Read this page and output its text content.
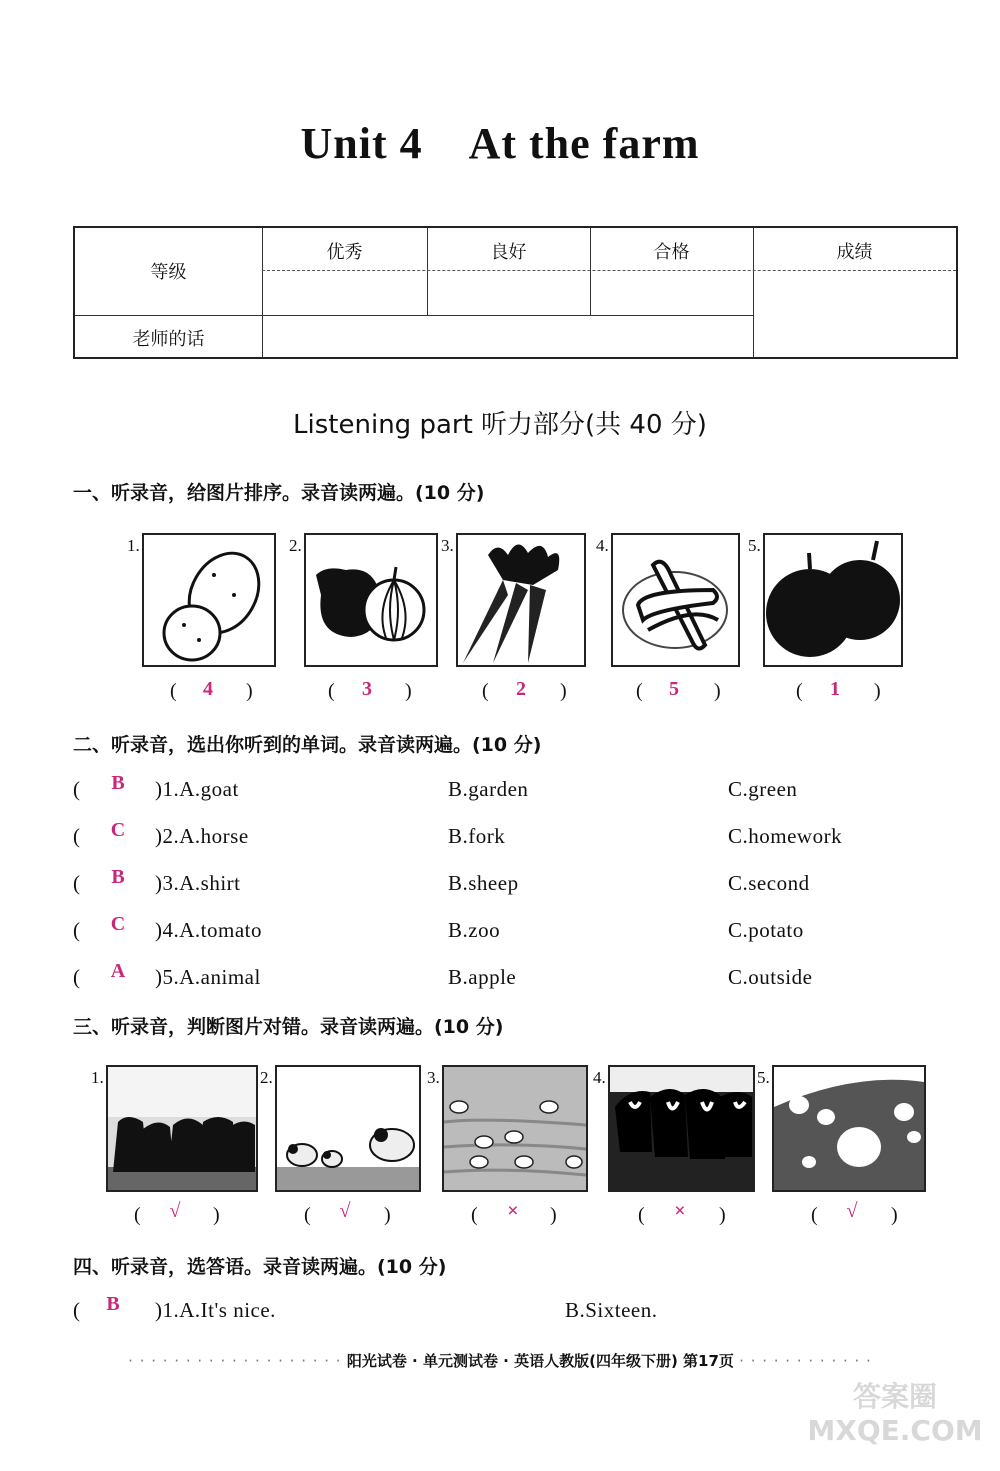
Unit 4 At the farm
等级
优秀	良好	合格	成绩
老师的话
Listening part 听力部分(共 40 分)
一、听录音，给图片排序。录音读两遍。(10 分)
1.
(	4	)
2.
(	3	)
3.
(	2	)
4.
(	5	)
5.
(	1	)
二、听录音，选出你听到的单词。录音读两遍。(10 分)
(	B	)1.A.goat	B.garden	C.green
(	C	)2.A.horse	B.fork	C.homework
(	B	)3.A.shirt	B.sheep	C.second
(	C	)4.A.tomato	B.zoo	C.potato
(	A	)5.A.animal	B.apple	C.outside
三、听录音，判断图片对错。录音读两遍。(10 分)
1.
(	√	)
2.
(	√	)
3.
(	×	)
4.
(	×	)
5.
(	√	)
四、听录音，选答语。录音读两遍。(10 分)
(	B	)1.A.It's nice.	B.Sixteen.
· · · · · · · · · · · · · · · · · · · 阳光试卷 · 单元测试卷 · 英语人教版(四年级下册) 第17页 · · · · · · · · · · · ·
答案圈 MXQE.COM
